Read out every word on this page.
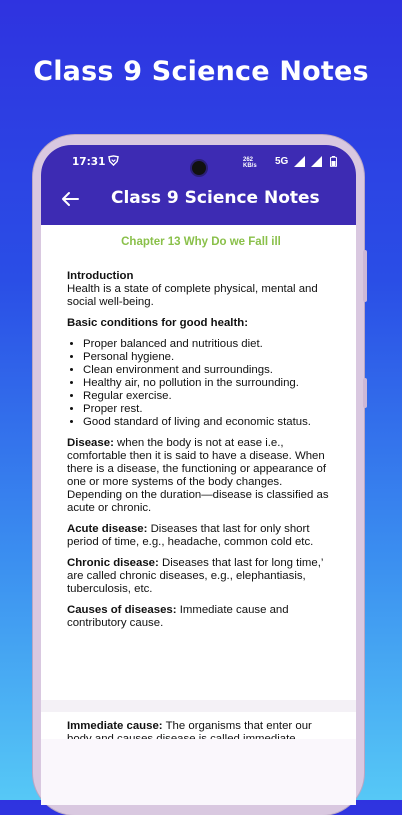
Class 9 Science Notes
17:31	262
KB/s 5G
Class 9 Science Notes
Chapter 13 Why Do we Fall ill
Introduction

Health is a state of complete physical, mental and social well-being.

Basic conditions for good health:
• Proper balanced and nutritious diet.
• Personal hygiene.
• Clean environment and surroundings.
• Healthy air, no pollution in the surrounding.
• Regular exercise.
• Proper rest.
• Good standard of living and economic status.

Disease: when the body is not at ease i.e., comfortable then it is said to have a disease. When there is a disease, the functioning or appearance of one or more systems of the body changes.
Depending on the duration—disease is classified as acute or chronic.

Acute disease: Diseases that last for only short period of time, e.g., headache, common cold etc.

Chronic disease: Diseases that last for long time,’ are called chronic diseases, e.g., elephantiasis, tuberculosis, etc.

Causes of diseases: Immediate cause and contributory cause.

Immediate cause: The organisms that enter our
